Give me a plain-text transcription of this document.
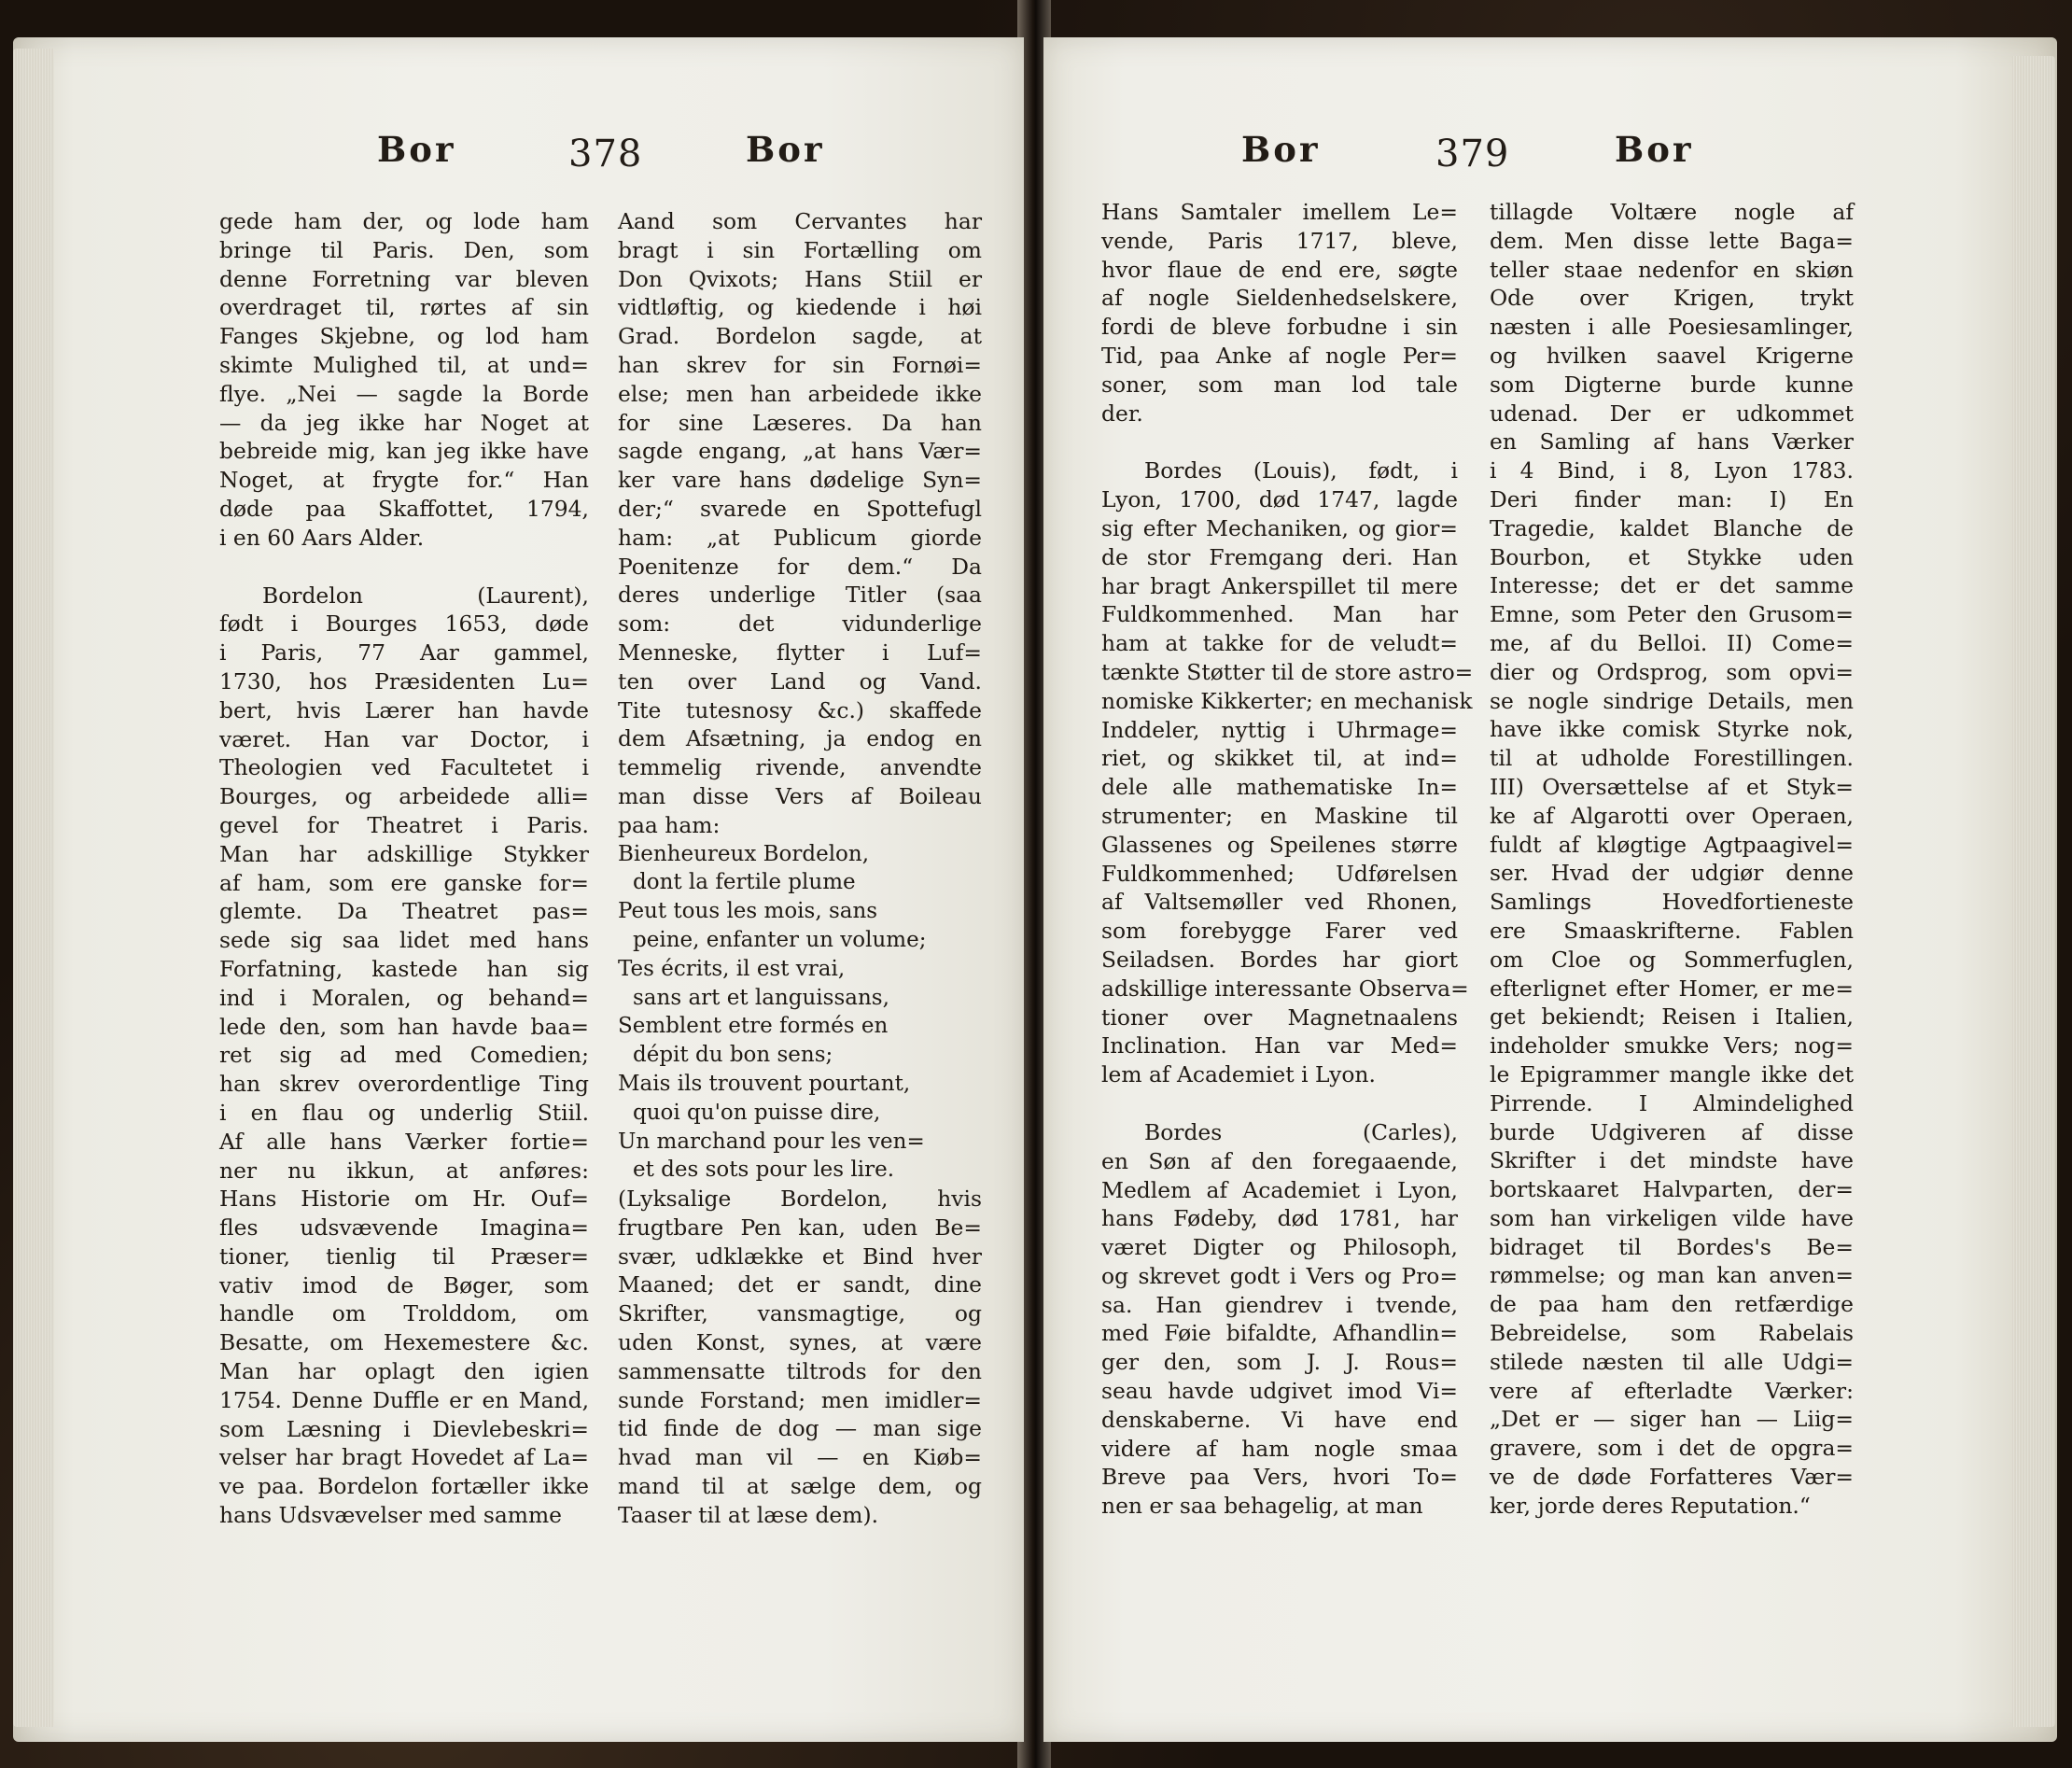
Bor	378	Bor
gede ham der, og lode ham
bringe til Paris. Den, som
denne Forretning var bleven
overdraget til, rørtes af sin
Fanges Skjebne, og lod ham
skimte Mulighed til, at und=
flye. „Nei — sagde la Borde
— da jeg ikke har Noget at
bebreide mig, kan jeg ikke have
Noget, at frygte for.“ Han
døde paa Skaffottet, 1794,
i en 60 Aars Alder.
Bordelon (Laurent),
født i Bourges 1653, døde
i Paris, 77 Aar gammel,
1730, hos Præsidenten Lu=
bert, hvis Lærer han havde
været. Han var Doctor, i
Theologien ved Facultetet i
Bourges, og arbeidede alli=
gevel for Theatret i Paris.
Man har adskillige Stykker
af ham, som ere ganske for=
glemte. Da Theatret pas=
sede sig saa lidet med hans
Forfatning, kastede han sig
ind i Moralen, og behand=
lede den, som han havde baa=
ret sig ad med Comedien;
han skrev overordentlige Ting
i en flau og underlig Stiil.
Af alle hans Værker fortie=
ner nu ikkun, at anføres:
Hans Historie om Hr. Ouf=
fles udsvævende Imagina=
tioner, tienlig til Præser=
vativ imod de Bøger, som
handle om Trolddom, om
Besatte, om Hexemestere &c.
Man har oplagt den igien
1754. Denne Duffle er en Mand,
som Læsning i Dievlebeskri=
velser har bragt Hovedet af La=
ve paa. Bordelon fortæller ikke
hans Udsvævelser med samme
Aand som Cervantes har
bragt i sin Fortælling om
Don Qvixots; Hans Stiil er
vidtløftig, og kiedende i høi
Grad. Bordelon sagde, at
han skrev for sin Fornøi=
else; men han arbeidede ikke
for sine Læseres. Da han
sagde engang, „at hans Vær=
ker vare hans dødelige Syn=
der;“ svarede en Spottefugl
ham: „at Publicum giorde
Poenitenze for dem.“ Da
deres underlige Titler (saa
som: det vidunderlige
Menneske, flytter i Luf=
ten over Land og Vand.
Tite tutesnosy &c.) skaffede
dem Afsætning, ja endog en
temmelig rivende, anvendte
man disse Vers af Boileau
paa ham:
Bienheureux Bordelon,
dont la fertile plume
Peut tous les mois, sans
peine, enfanter un volume;
Tes écrits, il est vrai,
sans art et languissans,
Semblent etre formés en
dépit du bon sens;
Mais ils trouvent pourtant,
quoi qu'on puisse dire,
Un marchand pour les ven=
et des sots pour les lire.
(Lyksalige Bordelon, hvis
frugtbare Pen kan, uden Be=
svær, udklække et Bind hver
Maaned; det er sandt, dine
Skrifter, vansmagtige, og
uden Konst, synes, at være
sammensatte tiltrods for den
sunde Forstand; men imidler=
tid finde de dog — man sige
hvad man vil — en Kiøb=
mand til at sælge dem, og
Taaser til at læse dem).
Bor	379	Bor
Hans Samtaler imellem Le=
vende, Paris 1717, bleve,
hvor flaue de end ere, søgte
af nogle Sieldenhedselskere,
fordi de bleve forbudne i sin
Tid, paa Anke af nogle Per=
soner, som man lod tale
der.
Bordes (Louis), født, i
Lyon, 1700, død 1747, lagde
sig efter Mechaniken, og gior=
de stor Fremgang deri. Han
har bragt Ankerspillet til mere
Fuldkommenhed. Man har
ham at takke for de veludt=
tænkte Støtter til de store astro=
nomiske Kikkerter; en mechanisk
Inddeler, nyttig i Uhrmage=
riet, og skikket til, at ind=
dele alle mathematiske In=
strumenter; en Maskine til
Glassenes og Speilenes større
Fuldkommenhed; Udførelsen
af Valtsemøller ved Rhonen,
som forebygge Farer ved
Seiladsen. Bordes har giort
adskillige interessante Observa=
tioner over Magnetnaalens
Inclination. Han var Med=
lem af Academiet i Lyon.
Bordes (Carles),
en Søn af den foregaaende,
Medlem af Academiet i Lyon,
hans Fødeby, død 1781, har
været Digter og Philosoph,
og skrevet godt i Vers og Pro=
sa. Han giendrev i tvende,
med Føie bifaldte, Afhandlin=
ger den, som J. J. Rous=
seau havde udgivet imod Vi=
denskaberne. Vi have end
videre af ham nogle smaa
Breve paa Vers, hvori To=
nen er saa behagelig, at man
tillagde Voltære nogle af
dem. Men disse lette Baga=
teller staae nedenfor en skiøn
Ode over Krigen, trykt
næsten i alle Poesiesamlinger,
og hvilken saavel Krigerne
som Digterne burde kunne
udenad. Der er udkommet
en Samling af hans Værker
i 4 Bind, i 8, Lyon 1783.
Deri finder man: I) En
Tragedie, kaldet Blanche de
Bourbon, et Stykke uden
Interesse; det er det samme
Emne, som Peter den Grusom=
me, af du Belloi. II) Come=
dier og Ordsprog, som opvi=
se nogle sindrige Details, men
have ikke comisk Styrke nok,
til at udholde Forestillingen.
III) Oversættelse af et Styk=
ke af Algarotti over Operaen,
fuldt af kløgtige Agtpaagivel=
ser. Hvad der udgiør denne
Samlings Hovedfortieneste
ere Smaaskrifterne. Fablen
om Cloe og Sommerfuglen,
efterlignet efter Homer, er me=
get bekiendt; Reisen i Italien,
indeholder smukke Vers; nog=
le Epigrammer mangle ikke det
Pirrende. I Almindelighed
burde Udgiveren af disse
Skrifter i det mindste have
bortskaaret Halvparten, der=
som han virkeligen vilde have
bidraget til Bordes's Be=
rømmelse; og man kan anven=
de paa ham den retfærdige
Bebreidelse, som Rabelais
stilede næsten til alle Udgi=
vere af efterladte Værker:
„Det er — siger han — Liig=
gravere, som i det de opgra=
ve de døde Forfatteres Vær=
ker, jorde deres Reputation.“
